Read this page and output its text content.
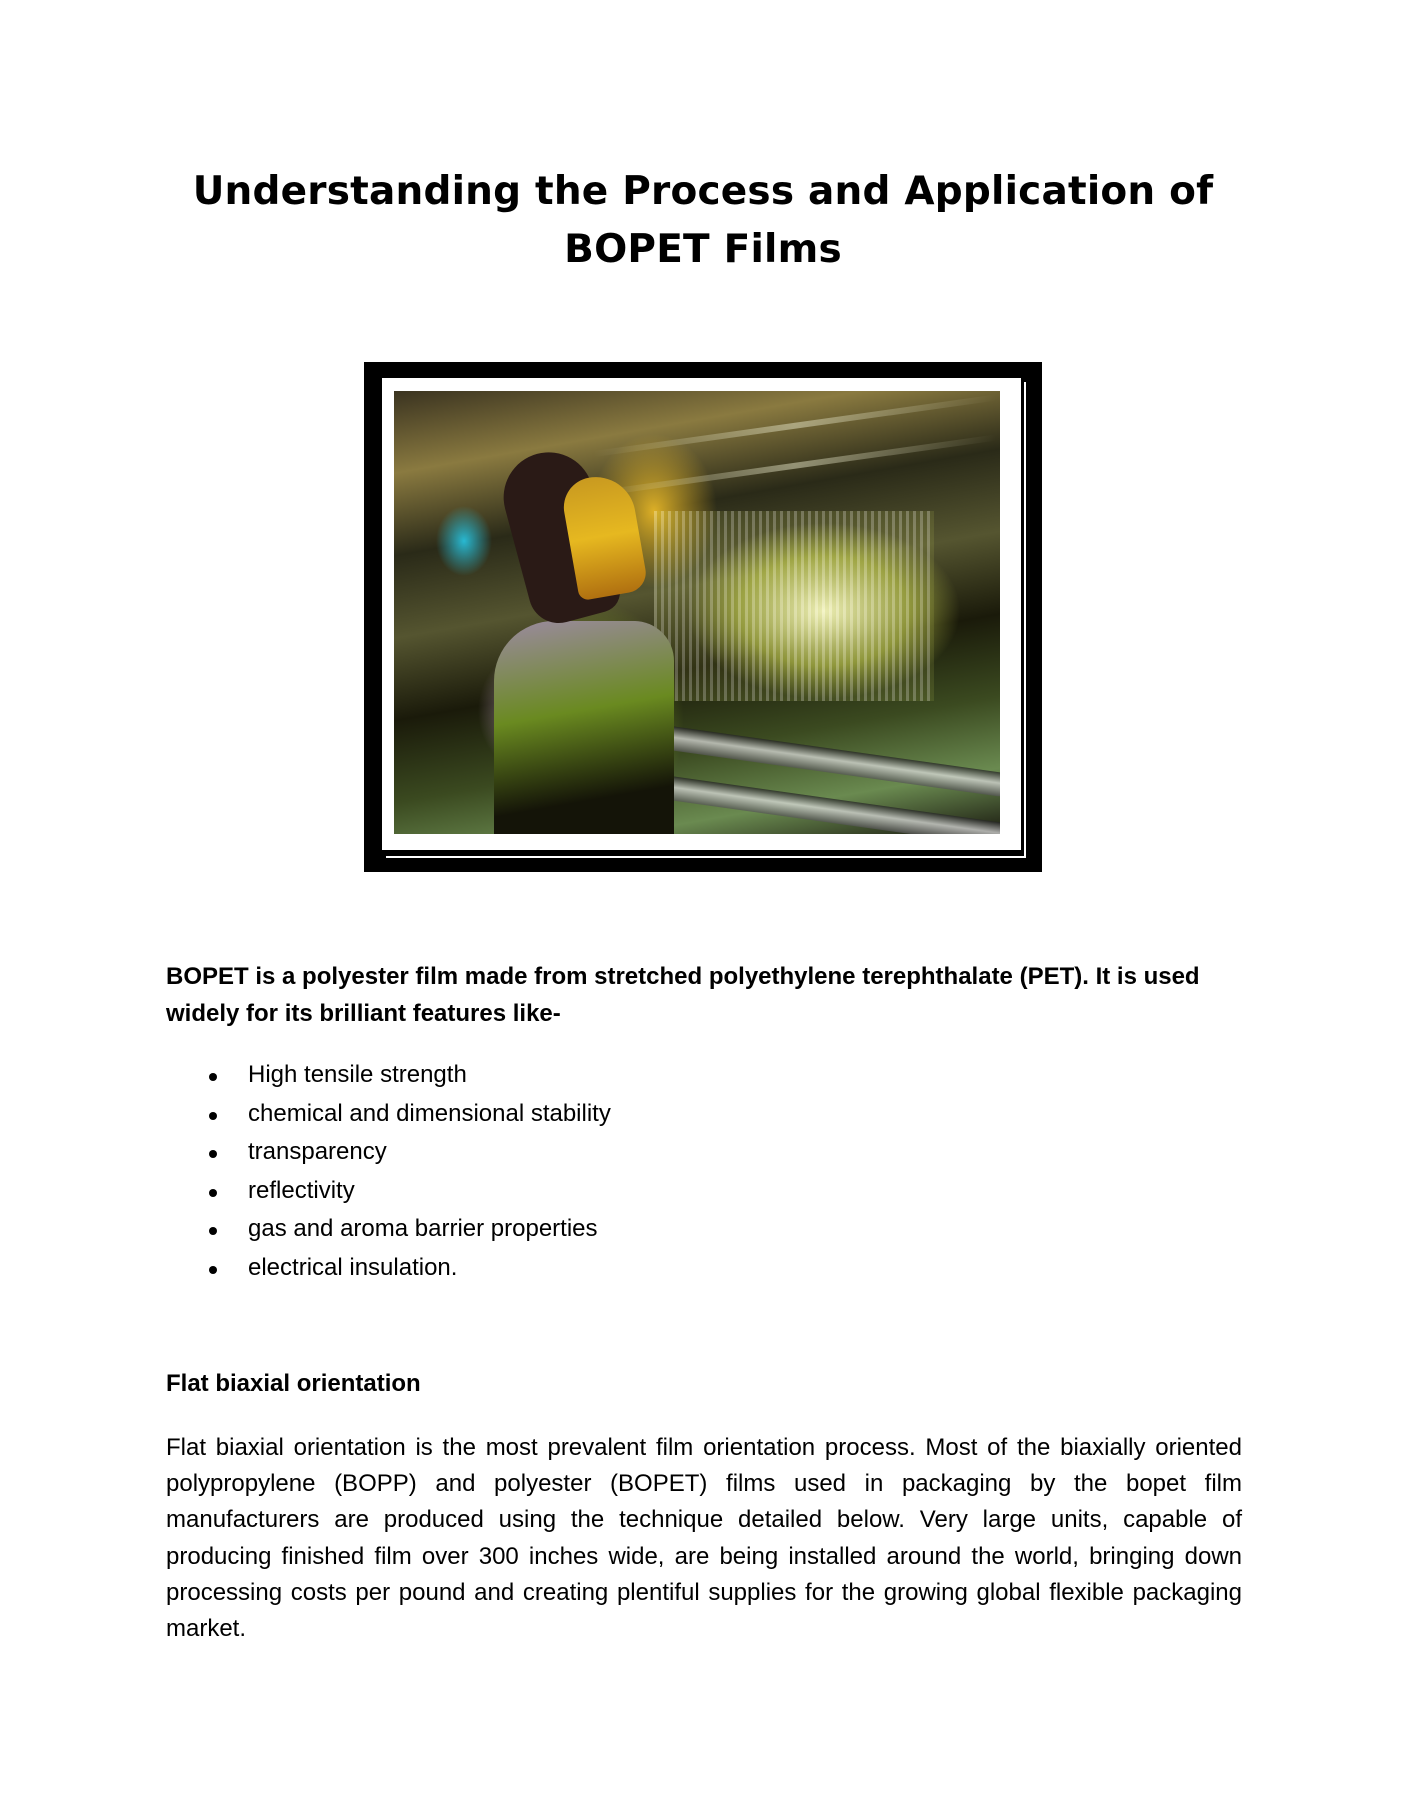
Understanding the Process and Application of
BOPET Films

BOPET is a polyester film made from stretched polyethylene terephthalate (PET). It is used widely for its brilliant features like-

High tensile strength
chemical and dimensional stability
transparency
reflectivity
gas and aroma barrier properties
electrical insulation.
Flat biaxial orientation

Flat biaxial orientation is the most prevalent film orientation process. Most of the biaxially oriented polypropylene (BOPP) and polyester (BOPET) films used in packaging by the bopet film manufacturers are produced using the technique detailed below. Very large units, capable of producing finished film over 300 inches wide, are being installed around the world, bringing down processing costs per pound and creating plentiful supplies for the growing global flexible packaging market.
